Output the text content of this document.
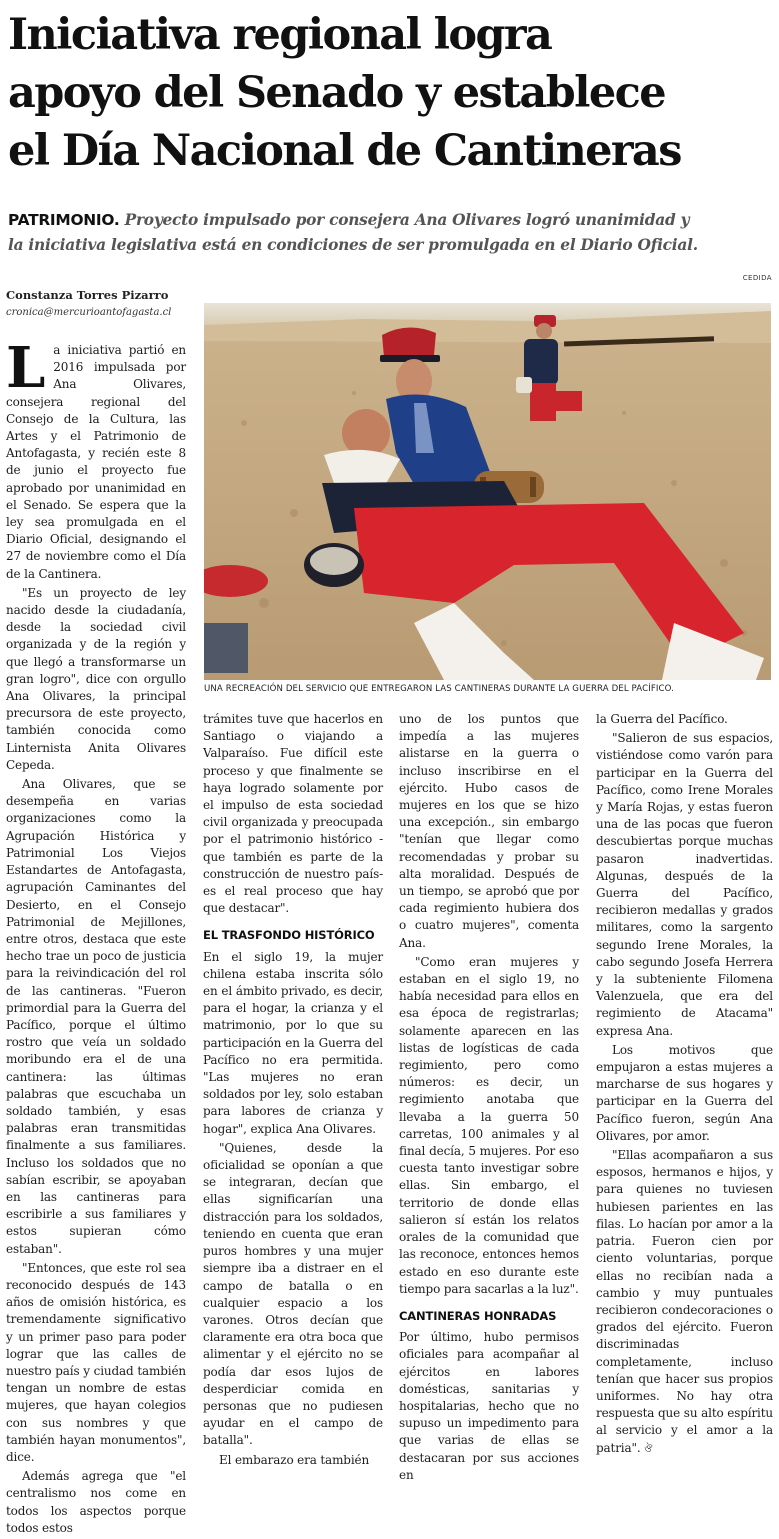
Iniciativa regional logra
apoyo del Senado y establece
el Día Nacional de Cantineras

PATRIMONIO. Proyecto impulsado por consejera Ana Olivares logró unanimidad y
la iniciativa legislativa está en condiciones de ser promulgada en el Diario Oficial.

CEDIDA
Constanza Torres Pizarro
cronica@mercurioantofagasta.cl
UNA RECREACIÓN DEL SERVICIO QUE ENTREGARON LAS CANTINERAS DURANTE LA GUERRA DEL PACÍFICO.

La iniciativa partió en 2016 impulsada por Ana Olivares, consejera regional del Consejo de la Cultura, las Artes y el Patrimonio de Antofagasta, y recién este 8 de junio el proyecto fue aprobado por unanimidad en el Senado. Se espera que la ley sea promulgada en el Diario Oficial, designando el 27 de noviembre como el Día de la Cantinera.

"Es un proyecto de ley nacido desde la ciudadanía, desde la sociedad civil organizada y de la región y que llegó a transformarse un gran logro", dice con orgullo Ana Olivares, la principal precursora de este proyecto, también conocida como Linternista Anita Olivares Cepeda.

Ana Olivares, que se desempeña en varias organizaciones como la Agrupación Histórica y Patrimonial Los Viejos Estandartes de Antofagasta, agrupación Caminantes del Desierto, en el Consejo Patrimonial de Mejillones, entre otros, destaca que este hecho trae un poco de justicia para la reivindicación del rol de las cantineras. "Fueron primordial para la Guerra del Pacífico, porque el último rostro que veía un soldado moribundo era el de una cantinera: las últimas palabras que escuchaba un soldado también, y esas palabras eran transmitidas finalmente a sus familiares. Incluso los soldados que no sabían escribir, se apoyaban en las cantineras para escribirle a sus familiares y estos supieran cómo estaban".

"Entonces, que este rol sea reconocido después de 143 años de omisión histórica, es tremendamente significativo y un primer paso para poder lograr que las calles de nuestro país y ciudad también tengan un nombre de estas mujeres, que hayan colegios con sus nombres y que también hayan monumentos", dice.

Además agrega que "el centralismo nos come en todos los aspectos porque todos estos

trámites tuve que hacerlos en Santiago o viajando a Valparaíso. Fue difícil este proceso y que finalmente se haya logrado solamente por el impulso de esta sociedad civil organizada y preocupada por el patrimonio histórico -que también es parte de la construcción de nuestro país- es el real proceso que hay que destacar".

EL TRASFONDO HISTÓRICO

En el siglo 19, la mujer chilena estaba inscrita sólo en el ámbito privado, es decir, para el hogar, la crianza y el matrimonio, por lo que su participación en la Guerra del Pacífico no era permitida. "Las mujeres no eran soldados por ley, solo estaban para labores de crianza y hogar", explica Ana Olivares.

"Quienes, desde la oficialidad se oponían a que se integraran, decían que ellas significarían una distracción para los soldados, teniendo en cuenta que eran puros hombres y una mujer siempre iba a distraer en el campo de batalla o en cualquier espacio a los varones. Otros decían que claramente era otra boca que alimentar y el ejército no se podía dar esos lujos de desperdiciar comida en personas que no pudiesen ayudar en el campo de batalla".

El embarazo era también

uno de los puntos que impedía a las mujeres alistarse en la guerra o incluso inscribirse en el ejército. Hubo casos de mujeres en los que se hizo una excepción., sin embargo "tenían que llegar como recomendadas y probar su alta moralidad. Después de un tiempo, se aprobó que por cada regimiento hubiera dos o cuatro mujeres", comenta Ana.

"Como eran mujeres y estaban en el siglo 19, no había necesidad para ellos en esa época de registrarlas; solamente aparecen en las listas de logísticas de cada regimiento, pero como números: es decir, un regimiento anotaba que llevaba a la guerra 50 carretas, 100 animales y al final decía, 5 mujeres. Por eso cuesta tanto investigar sobre ellas. Sin embargo, el territorio de donde ellas salieron sí están los relatos orales de la comunidad que las reconoce, entonces hemos estado en eso durante este tiempo para sacarlas a la luz".

CANTINERAS HONRADAS

Por último, hubo permisos oficiales para acompañar al ejércitos en labores domésticas, sanitarias y hospitalarias, hecho que no supuso un impedimento para que varias de ellas se destacaran por sus acciones en

la Guerra del Pacífico.

"Salieron de sus espacios, vistiéndose como varón para participar en la Guerra del Pacífico, como Irene Morales y María Rojas, y estas fueron una de las pocas que fueron descubiertas porque muchas pasaron inadvertidas. Algunas, después de la Guerra del Pacífico, recibieron medallas y grados militares, como la sargento segundo Irene Morales, la cabo segundo Josefa Herrera y la subteniente Filomena Valenzuela, que era del regimiento de Atacama" expresa Ana.

Los motivos que empujaron a estas mujeres a marcharse de sus hogares y participar en la Guerra del Pacífico fueron, según Ana Olivares, por amor.

"Ellas acompañaron a sus esposos, hermanos e hijos, y para quienes no tuviesen hubiesen parientes en las filas. Lo hacían por amor a la patria. Fueron cien por ciento voluntarias, porque ellas no recibían nada a cambio y muy puntuales recibieron condecoraciones o grados del ejército. Fueron discriminadas completamente, incluso tenían que hacer sus propios uniformes. No hay otra respuesta que su alto espíritu al servicio y el amor a la patria". ঔ
